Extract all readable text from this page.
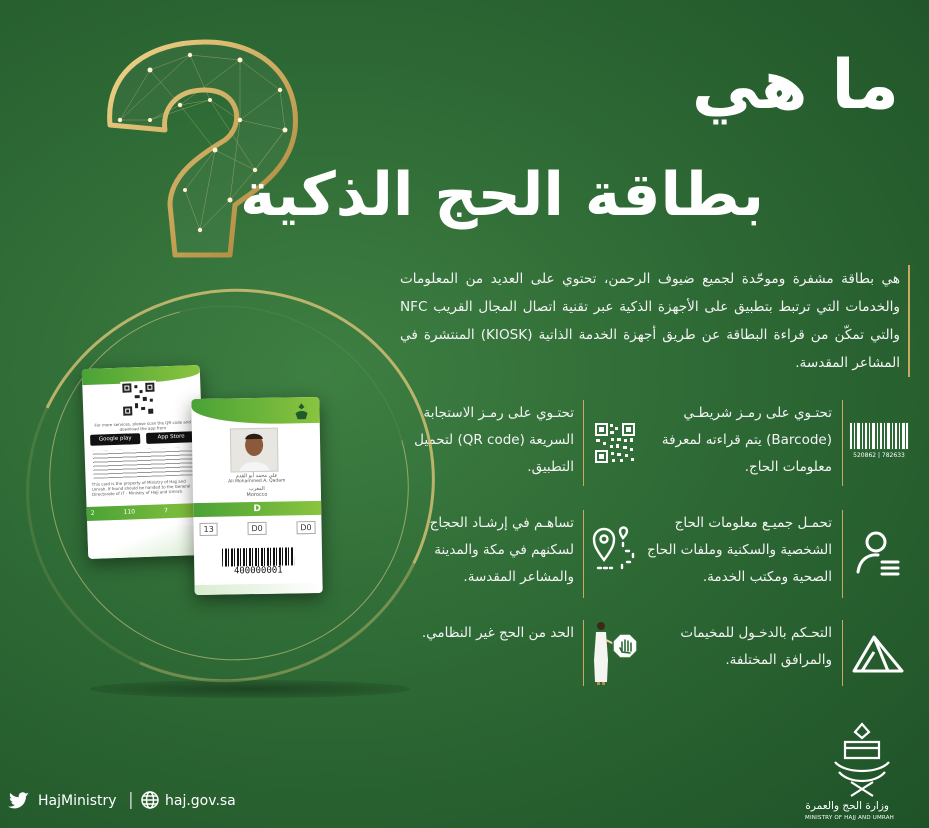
ما هي
بطاقة الحج الذكية

هي بطاقة مشفرة وموحّدة لجميع ضيوف الرحمن، تحتوي على العديد من المعلومات والخدمات التي ترتبط بتطبيق على الأجهزة الذكية عبر تقنية اتصال المجال القريب NFC والتي تمكّن من قراءة البطاقة عن طريق أجهزة الخدمة الذاتية (KIOSK) المنتشرة في المشاعر المقدسة.

تحتـوي على رمـز شريطـي (Barcode) يتم قراءته لمعرفة معلومات الحاج.

782633 | 520862

تحتـوي على رمـز الاستجابة السريعة (QR code) لتحميل التطبيق.

تحمـل جميـع معلومات الحاج الشخصية والسكنية وملفات الحاج الصحية ومكتب الخدمة.

تساهـم في إرشـاد الحجاج لسكنهم في مكة والمدينة والمشاعر المقدسة.

التحـكم بالدخـول للمخيمات والمرافق المختلفة.

الحد من الحج غير النظامي.

For more services, please scan the QR code and download the app from
Google play	App Store
This card is the property of Ministry of Hajj and Umrah. If found should be handed to the General Directorate of IT - Ministry of Hajj and Umrah.
2	110	7
علي محمد أبو القدم
Ali Mohammed A. Qadam
المغرب
Morocco
D
13	D0	D0
400000001
وزارة الحج والعمرة
MINISTRY OF HAJJ AND UMRAH
HajMinistry | haj.gov.sa
